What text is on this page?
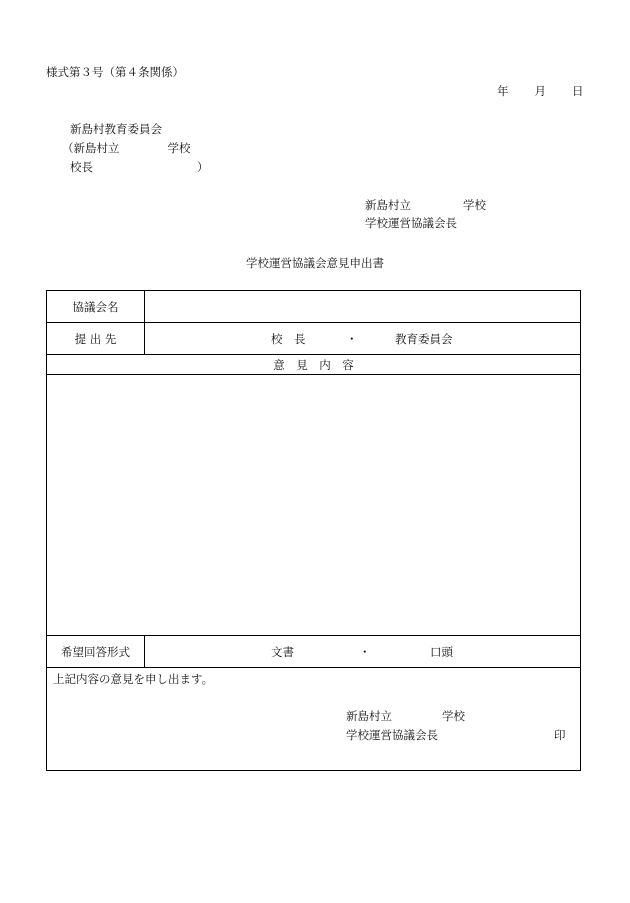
様式第３号（第４条関係）
年 月 日
新島村教育委員会
（新島村立	学校
校長	）
新島村立	学校
学校運営協議会長
学校運営協議会意見申出書
協議会名
提 出 先	校　長	・	教育委員会
意　見　内　容
希望回答形式	文書	・	口頭
上記内容の意見を申し出ます。
新島村立	学校
学校運営協議会長	印
